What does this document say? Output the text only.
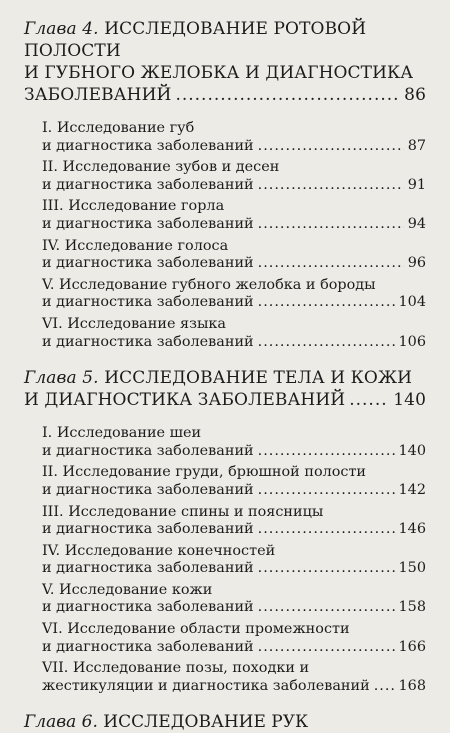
Глава 4. ИССЛЕДОВАНИЕ РОТОВОЙ ПОЛОСТИ
И ГУБНОГО ЖЕЛОБКА И ДИАГНОСТИКА
ЗАБОЛЕВАНИЙ .....	86
I. Исследование губ
и диагностика заболеваний .....	87
II. Исследование зубов и десен
и диагностика заболеваний .....	91
III. Исследование горла
и диагностика заболеваний .....	94
IV. Исследование голоса
и диагностика заболеваний .....	96
V. Исследование губного желобка и бороды
и диагностика заболеваний .....	104
VI. Исследование языка
и диагностика заболеваний .....	106
Глава 5. ИССЛЕДОВАНИЕ ТЕЛА И КОЖИ
И ДИАГНОСТИКА ЗАБОЛЕВАНИЙ .....	140
I. Исследование шеи
и диагностика заболеваний .....	140
II. Исследование груди, брюшной полости
и диагностика заболеваний .....	142
III. Исследование спины и поясницы
и диагностика заболеваний .....	146
IV. Исследование конечностей
и диагностика заболеваний .....	150
V. Исследование кожи
и диагностика заболеваний .....	158
VI. Исследование области промежности
и диагностика заболеваний .....	166
VII. Исследование позы, походки и
жестикуляции и диагностика заболеваний ..... 168
Глава 6. ИССЛЕДОВАНИЕ РУК
